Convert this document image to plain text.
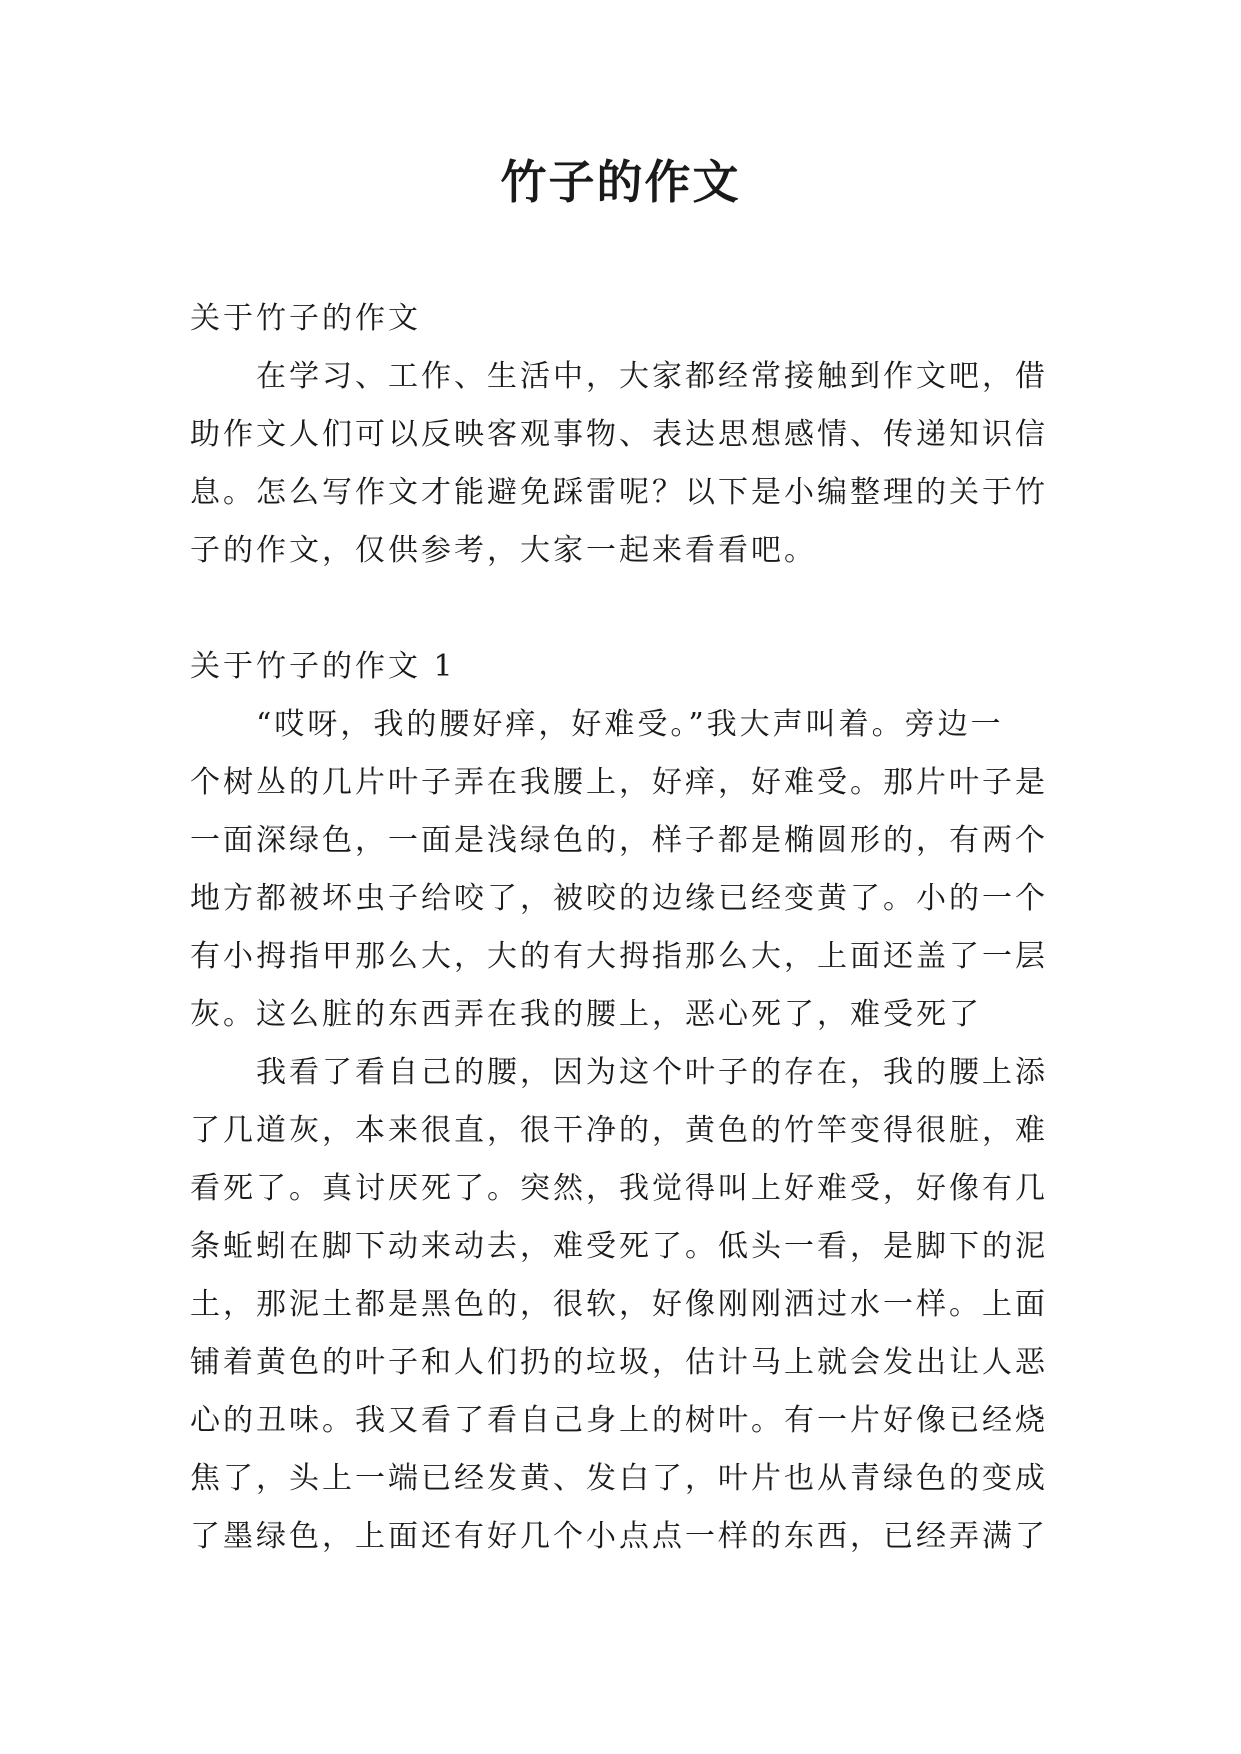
竹子的作文
关于竹子的作文
　　在学习、工作、生活中，大家都经常接触到作文吧，借
助作文人们可以反映客观事物、表达思想感情、传递知识信
息。怎么写作文才能避免踩雷呢？以下是小编整理的关于竹
子的作文，仅供参考，大家一起来看看吧。
关于竹子的作文 1
　　“哎呀，我的腰好痒，好难受。”我大声叫着。旁边一
个树丛的几片叶子弄在我腰上，好痒，好难受。那片叶子是
一面深绿色，一面是浅绿色的，样子都是椭圆形的，有两个
地方都被坏虫子给咬了，被咬的边缘已经变黄了。小的一个
有小拇指甲那么大，大的有大拇指那么大，上面还盖了一层
灰。这么脏的东西弄在我的腰上，恶心死了，难受死了
　　我看了看自己的腰，因为这个叶子的存在，我的腰上添
了几道灰，本来很直，很干净的，黄色的竹竿变得很脏，难
看死了。真讨厌死了。突然，我觉得叫上好难受，好像有几
条蚯蚓在脚下动来动去，难受死了。低头一看，是脚下的泥
土，那泥土都是黑色的，很软，好像刚刚洒过水一样。上面
铺着黄色的叶子和人们扔的垃圾，估计马上就会发出让人恶
心的丑味。我又看了看自己身上的树叶。有一片好像已经烧
焦了，头上一端已经发黄、发白了，叶片也从青绿色的变成
了墨绿色，上面还有好几个小点点一样的东西，已经弄满了
